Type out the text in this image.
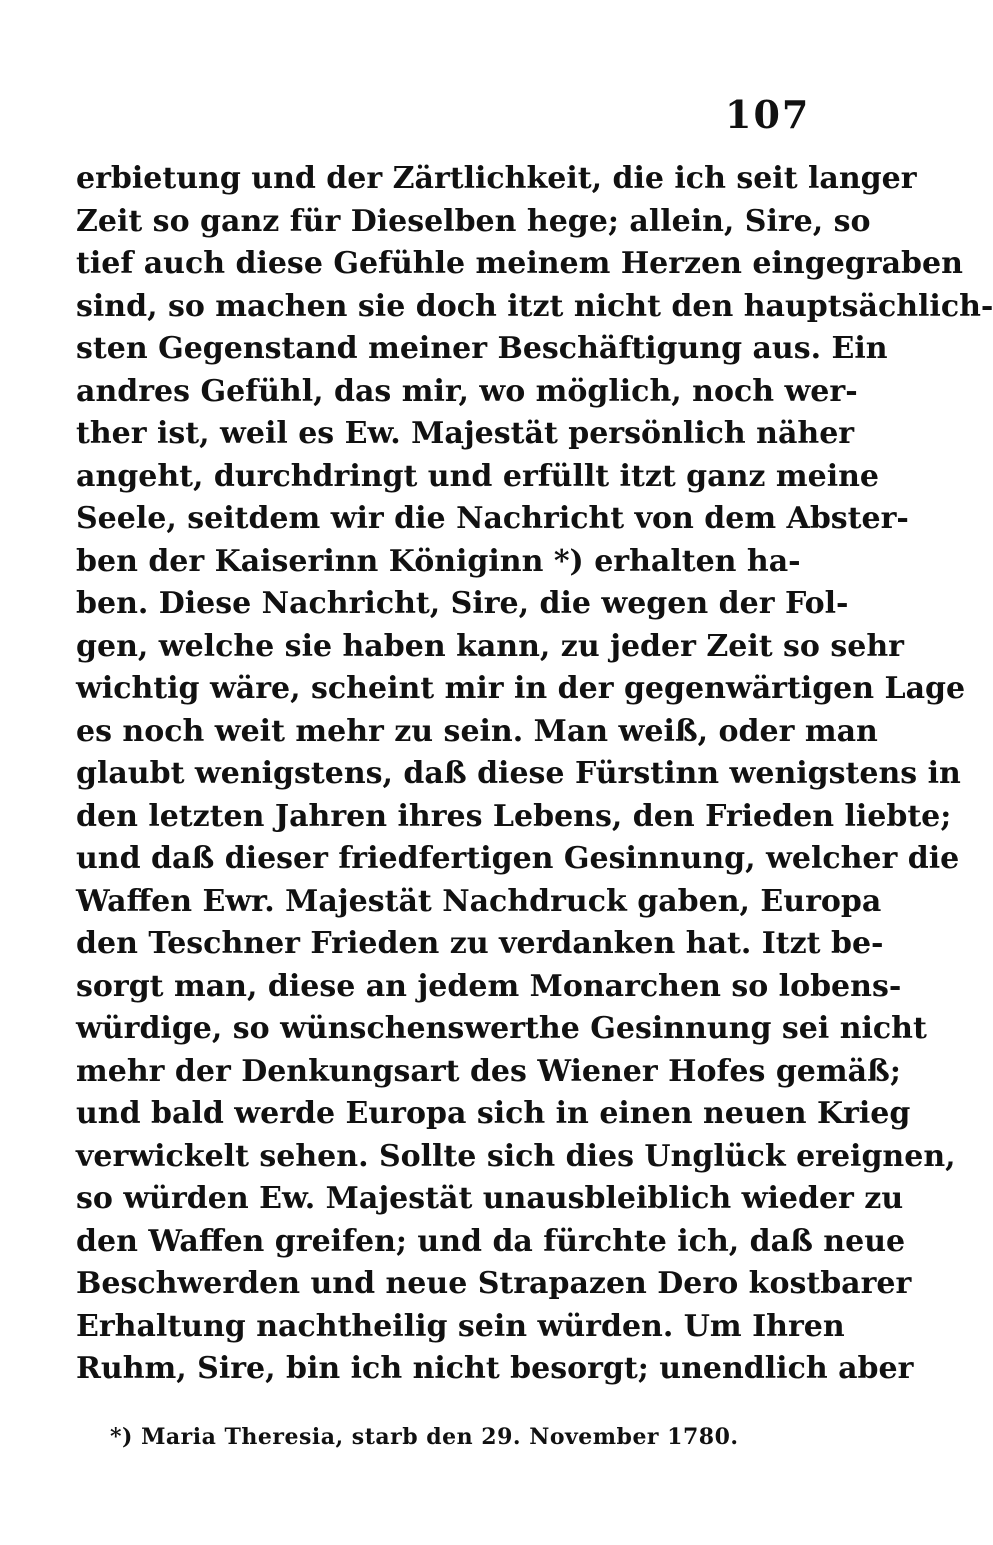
107
erbietung und der Zärtlichkeit, die ich seit langer
Zeit so ganz für Dieselben hege; allein, Sire, so
tief auch diese Gefühle meinem Herzen eingegraben
sind, so machen sie doch itzt nicht den hauptsächlich-
sten Gegenstand meiner Beschäftigung aus. Ein
andres Gefühl, das mir, wo möglich, noch wer-
ther ist, weil es Ew. Majestät persönlich näher
angeht, durchdringt und erfüllt itzt ganz meine
Seele, seitdem wir die Nachricht von dem Abster-
ben der Kaiserinn Königinn *) erhalten ha-
ben. Diese Nachricht, Sire, die wegen der Fol-
gen, welche sie haben kann, zu jeder Zeit so sehr
wichtig wäre, scheint mir in der gegenwärtigen Lage
es noch weit mehr zu sein. Man weiß, oder man
glaubt wenigstens, daß diese Fürstinn wenigstens in
den letzten Jahren ihres Lebens, den Frieden liebte;
und daß dieser friedfertigen Gesinnung, welcher die
Waffen Ewr. Majestät Nachdruck gaben, Europa
den Teschner Frieden zu verdanken hat. Itzt be-
sorgt man, diese an jedem Monarchen so lobens-
würdige, so wünschenswerthe Gesinnung sei nicht
mehr der Denkungsart des Wiener Hofes gemäß;
und bald werde Europa sich in einen neuen Krieg
verwickelt sehen. Sollte sich dies Unglück ereignen,
so würden Ew. Majestät unausbleiblich wieder zu
den Waffen greifen; und da fürchte ich, daß neue
Beschwerden und neue Strapazen Dero kostbarer
Erhaltung nachtheilig sein würden. Um Ihren
Ruhm, Sire, bin ich nicht besorgt; unendlich aber
*) Maria Theresia, starb den 29. November 1780.
